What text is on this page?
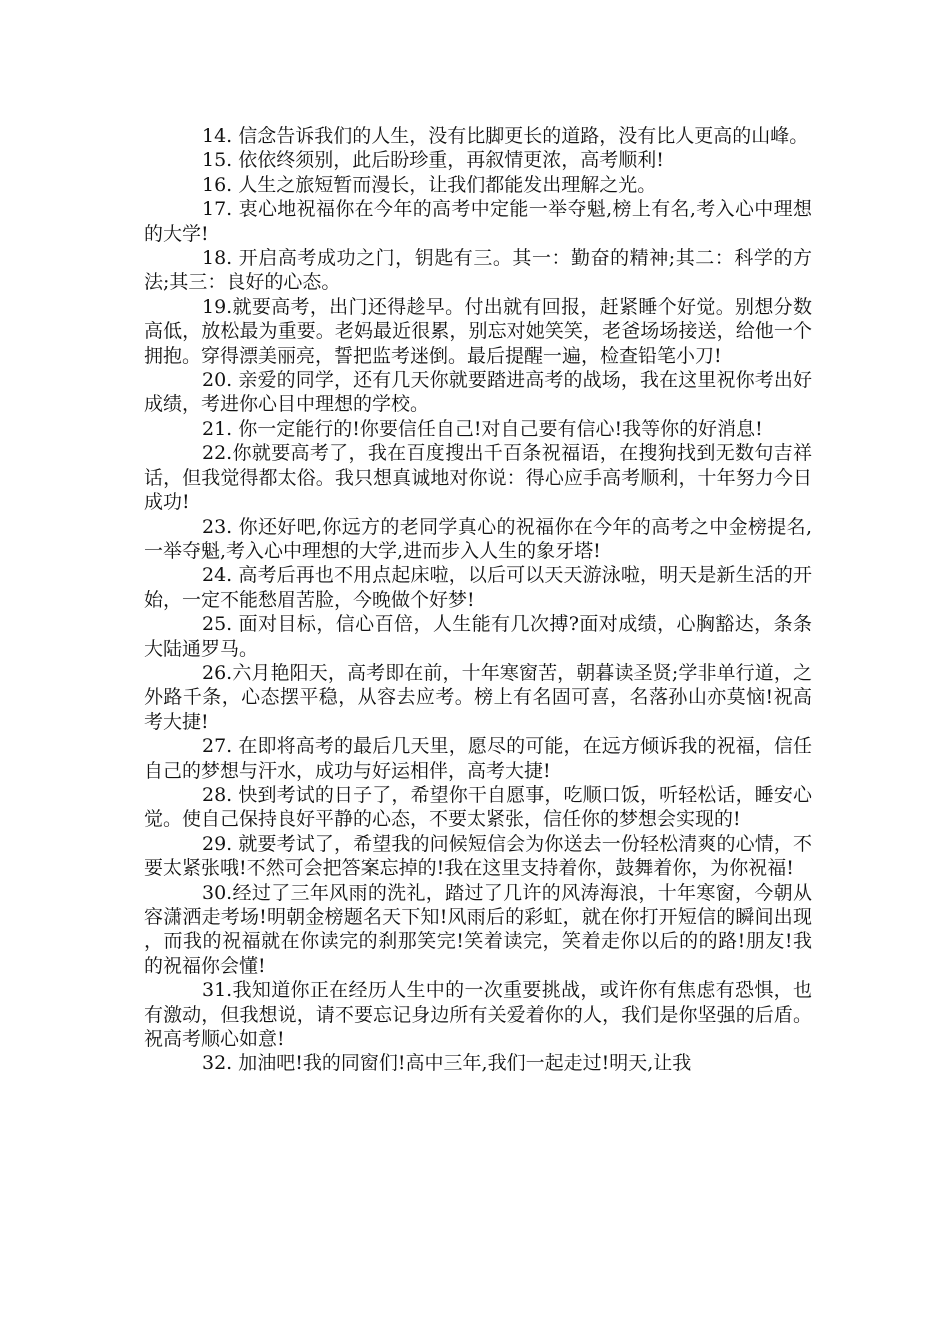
14. 信念告诉我们的人生，没有比脚更长的道路，没有比人更高的山峰。

15. 依依终须别，此后盼珍重，再叙情更浓，高考顺利!

16. 人生之旅短暂而漫长，让我们都能发出理解之光。

17. 衷心地祝福你在今年的高考中定能一举夺魁,榜上有名,考入心中理想的大学!

18. 开启高考成功之门，钥匙有三。其一：勤奋的精神;其二：科学的方法;其三：良好的心态。

19.就要高考，出门还得趁早。付出就有回报，赶紧睡个好觉。别想分数高低，放松最为重要。老妈最近很累，别忘对她笑笑，老爸场场接送，给他一个拥抱。穿得漂美丽亮，誓把监考迷倒。最后提醒一遍，检查铅笔小刀!

20. 亲爱的同学，还有几天你就要踏进高考的战场，我在这里祝你考出好成绩，考进你心目中理想的学校。

21. 你一定能行的!你要信任自己!对自己要有信心!我等你的好消息!

22.你就要高考了，我在百度搜出千百条祝福语，在搜狗找到无数句吉祥话，但我觉得都太俗。我只想真诚地对你说：得心应手高考顺利，十年努力今日成功!

23. 你还好吧,你远方的老同学真心的祝福你在今年的高考之中金榜提名,一举夺魁,考入心中理想的大学,进而步入人生的象牙塔!

24. 高考后再也不用点起床啦，以后可以天天游泳啦，明天是新生活的开始，一定不能愁眉苦脸，今晚做个好梦!

25. 面对目标，信心百倍，人生能有几次搏?面对成绩，心胸豁达，条条大陆通罗马。

26.六月艳阳天，高考即在前，十年寒窗苦，朝暮读圣贤;学非单行道，之外路千条，心态摆平稳，从容去应考。榜上有名固可喜，名落孙山亦莫恼!祝高考大捷!

27. 在即将高考的最后几天里，愿尽的可能，在远方倾诉我的祝福，信任自己的梦想与汗水，成功与好运相伴，高考大捷!

28. 快到考试的日子了，希望你干自愿事，吃顺口饭，听轻松话，睡安心觉。使自己保持良好平静的心态，不要太紧张，信任你的梦想会实现的!

29. 就要考试了，希望我的问候短信会为你送去一份轻松清爽的心情，不要太紧张哦!不然可会把答案忘掉的!我在这里支持着你，鼓舞着你，为你祝福!

30.经过了三年风雨的洗礼，踏过了几许的风涛海浪，十年寒窗，今朝从容潇洒走考场!明朝金榜题名天下知!风雨后的彩虹，就在你打开短信的瞬间出现，而我的祝福就在你读完的刹那笑完!笑着读完，笑着走你以后的的路!朋友!我的祝福你会懂!

31.我知道你正在经历人生中的一次重要挑战，或许你有焦虑有恐惧，也有激动，但我想说，请不要忘记身边所有关爱着你的人，我们是你坚强的后盾。祝高考顺心如意!

32. 加油吧!我的同窗们!高中三年,我们一起走过!明天,让我
